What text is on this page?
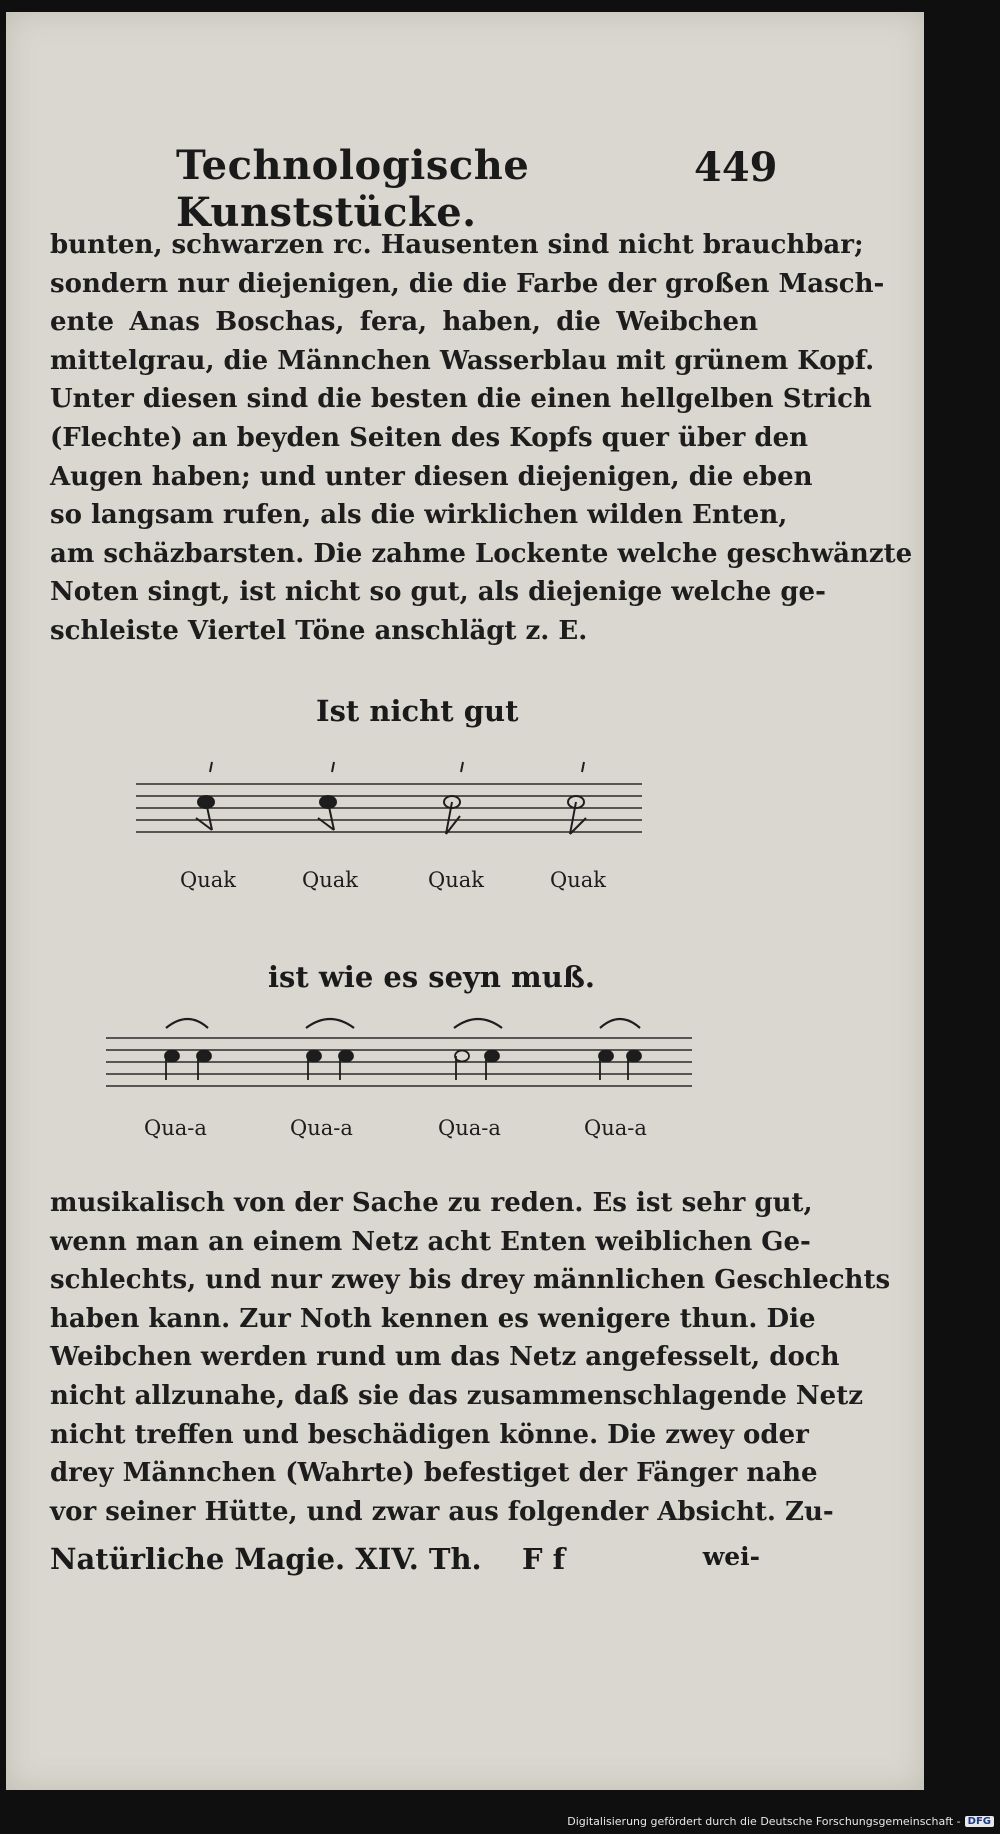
Technologische Kunststücke.
449
bunten, schwarzen rc. Hausenten sind nicht brauchbar;
sondern nur diejenigen, die die Farbe der großen Masch-
ente Anas Boschas, fera, haben, die Weibchen
mittelgrau, die Männchen Wasserblau mit grünem Kopf.
Unter diesen sind die besten die einen hellgelben Strich
(Flechte) an beyden Seiten des Kopfs quer über den
Augen haben; und unter diesen diejenigen, die eben
so langsam rufen, als die wirklichen wilden Enten,
am schäzbarsten. Die zahme Lockente welche geschwänzte
Noten singt, ist nicht so gut, als diejenige welche ge-
schleiste Viertel Töne anschlägt z. E.
Ist nicht gut
Quak	Quak	Quak	Quak
ist wie es seyn muß.
Qua-a	Qua-a	Qua-a	Qua-a
musikalisch von der Sache zu reden. Es ist sehr gut,
wenn man an einem Netz acht Enten weiblichen Ge-
schlechts, und nur zwey bis drey männlichen Geschlechts
haben kann. Zur Noth kennen es wenigere thun. Die
Weibchen werden rund um das Netz angefesselt, doch
nicht allzunahe, daß sie das zusammenschlagende Netz
nicht treffen und beschädigen könne. Die zwey oder
drey Männchen (Wahrte) befestiget der Fänger nahe
vor seiner Hütte, und zwar aus folgender Absicht. Zu-
Natürliche Magie. XIV. Th. F f	wei-
Digitalisierung gefördert durch die Deutsche Forschungsgemeinschaft - DFG
